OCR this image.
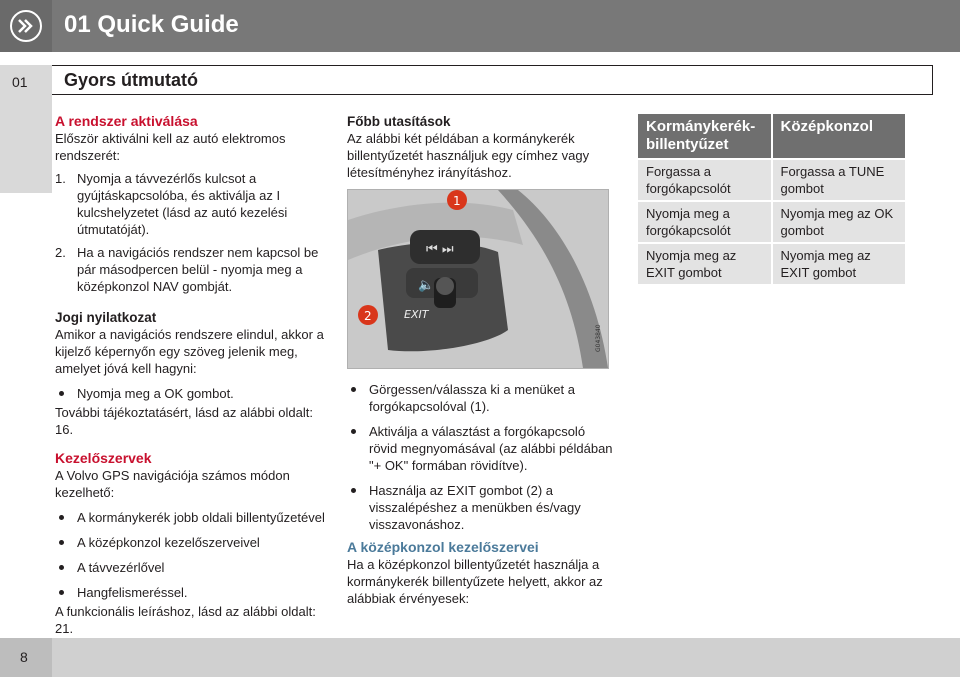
01 Quick Guide
01 Gyors útmutató
A rendszer aktiválása

Először aktiválni kell az autó elektromos rendszerét:

1. Nyomja a távvezérlős kulcsot a gyújtáskapcsolóba, és aktiválja az I kulcshelyzetet (lásd az autó kezelési útmutatóját).
2. Ha a navigációs rendszer nem kapcsol be pár másodpercen belül - nyomja meg a középkonzol NAV gombját.
Jogi nyilatkozat

Amikor a navigációs rendszere elindul, akkor a kijelző képernyőn egy szöveg jelenik meg, amelyet jóvá kell hagyni:

Nyomja meg a OK gombot.

További tájékoztatásért, lásd az alábbi oldalt: 16.

Kezelőszervek

A Volvo GPS navigációja számos módon kezelhető:

A kormánykerék jobb oldali billentyűzetével
A középkonzol kezelőszerveivel
A távvezérlővel
Hangfelismeréssel.

A funkcionális leíráshoz, lásd az alábbi oldalt: 21.

Főbb utasítások

Az alábbi két példában a kormánykerék billentyűzetét használjuk egy címhez vagy létesítményhez irányításhoz.

⏮ ⏭
🔈
EXIT
1
2
G043840
Görgessen/válassza ki a menüket a forgókapcsolóval (1).
Aktiválja a választást a forgókapcsoló rövid megnyomásával (az alábbi példában "+ OK" formában rövidítve).
Használja az EXIT gombot (2) a visszalépéshez a menükben és/vagy visszavonáshoz.
A középkonzol kezelőszervei

Ha a középkonzol billentyűzetét használja a kormánykerék billentyűzete helyett, akkor az alábbiak érvényesek:

Kormánykerék-billentyűzet
Középkonzol
Forgassa a forgókapcsolót
Forgassa a TUNE gombot
Nyomja meg a forgókapcsolót
Nyomja meg az OK gombot
Nyomja meg az EXIT gombot
Nyomja meg az EXIT gombot
8
